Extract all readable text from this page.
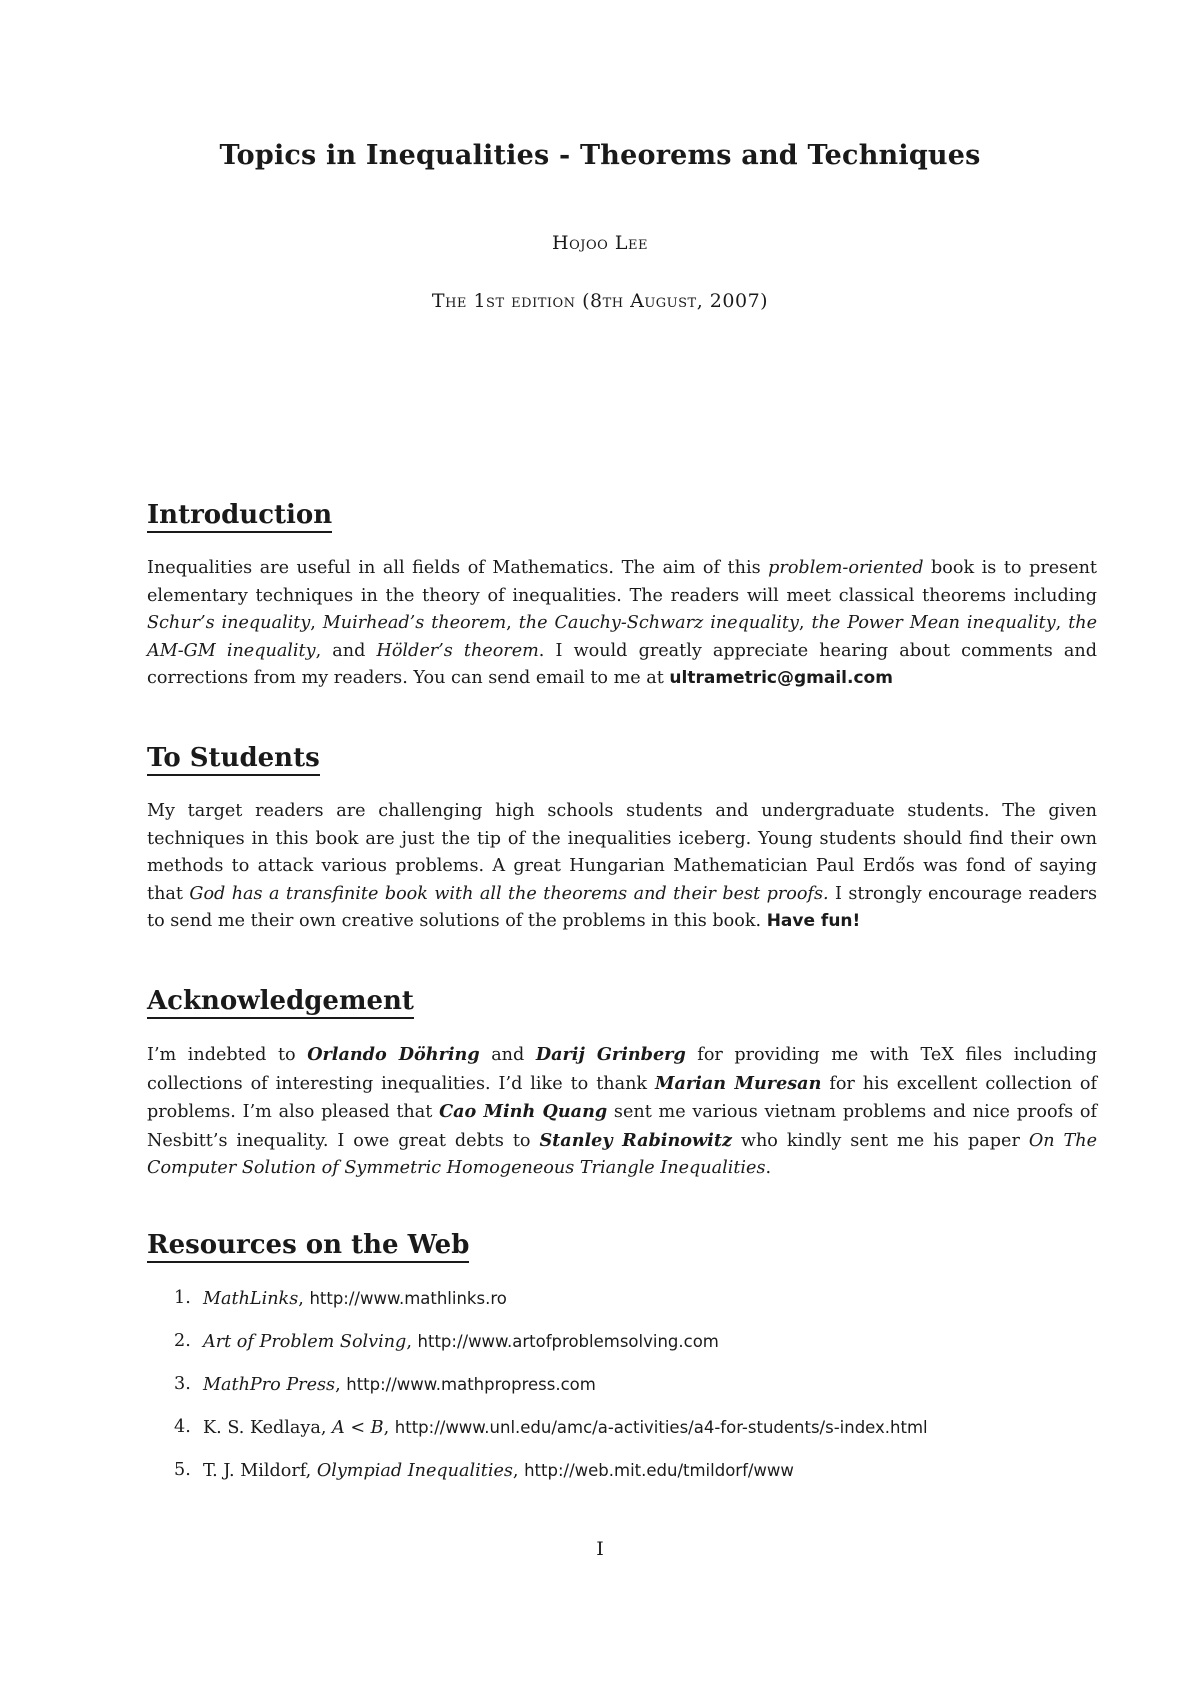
Topics in Inequalities - Theorems and Techniques
Hojoo Lee
The 1st edition (8th August, 2007)
Introduction

Inequalities are useful in all fields of Mathematics. The aim of this problem-oriented book is to present elementary techniques in the theory of inequalities. The readers will meet classical theorems including Schur’s inequality, Muirhead’s theorem, the Cauchy-Schwarz inequality, the Power Mean inequality, the AM-GM inequality, and Hölder’s theorem. I would greatly appreciate hearing about comments and corrections from my readers. You can send email to me at ultrametric@gmail.com

To Students

My target readers are challenging high schools students and undergraduate students. The given techniques in this book are just the tip of the inequalities iceberg. Young students should find their own methods to attack various problems. A great Hungarian Mathematician Paul Erdős was fond of saying that God has a transfinite book with all the theorems and their best proofs. I strongly encourage readers to send me their own creative solutions of the problems in this book. Have fun!

Acknowledgement

I’m indebted to Orlando Döhring and Darij Grinberg for providing me with TeX files including collections of interesting inequalities. I’d like to thank Marian Muresan for his excellent collection of problems. I’m also pleased that Cao Minh Quang sent me various vietnam problems and nice proofs of Nesbitt’s inequality. I owe great debts to Stanley Rabinowitz who kindly sent me his paper On The Computer Solution of Symmetric Homogeneous Triangle Inequalities.

Resources on the Web
1. MathLinks, http://www.mathlinks.ro
2. Art of Problem Solving, http://www.artofproblemsolving.com
3. MathPro Press, http://www.mathpropress.com
4. K. S. Kedlaya, A < B, http://www.unl.edu/amc/a-activities/a4-for-students/s-index.html
5. T. J. Mildorf, Olympiad Inequalities, http://web.mit.edu/tmildorf/www
I
